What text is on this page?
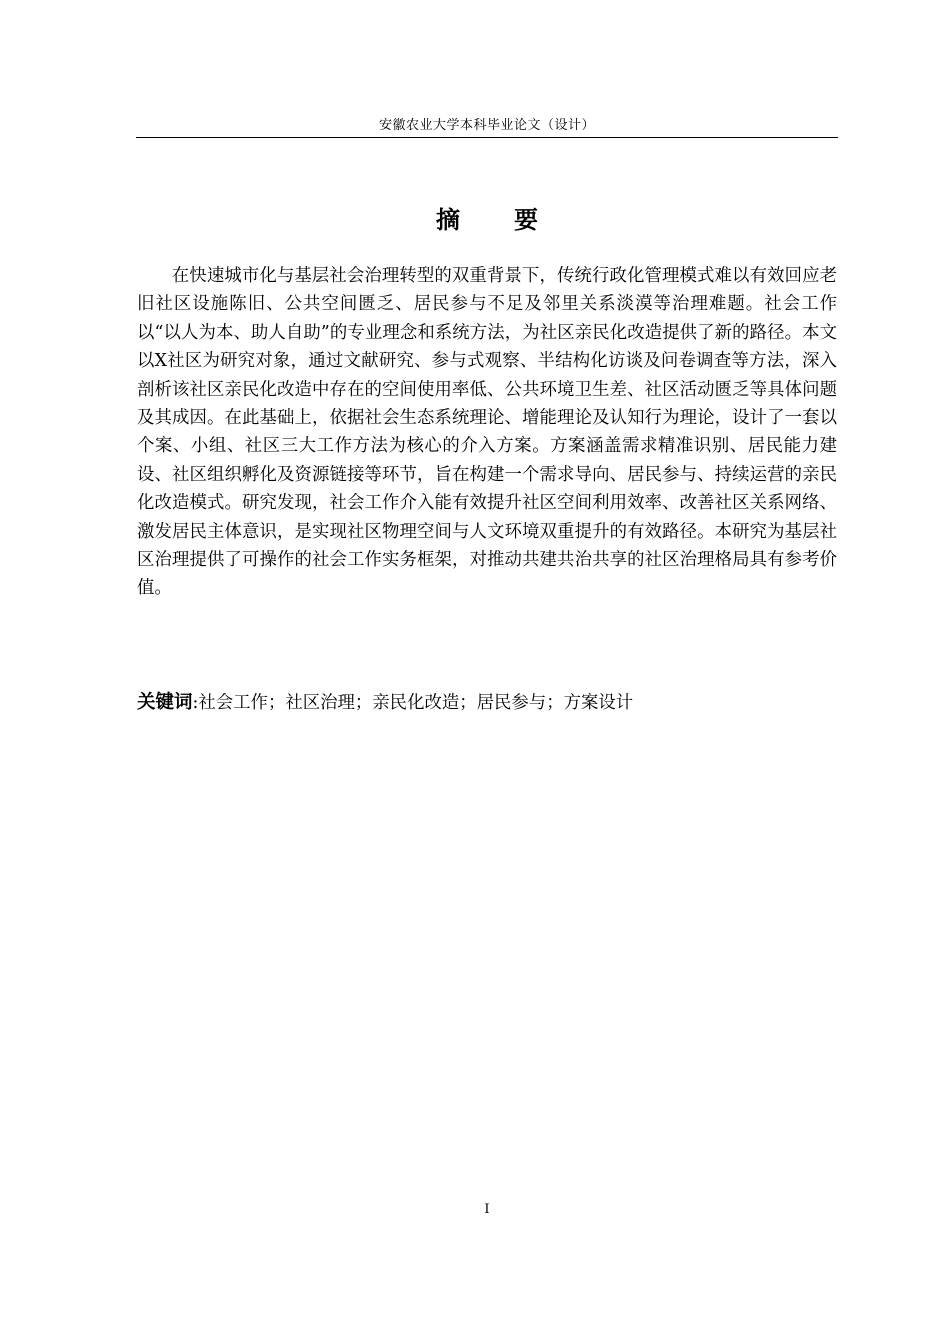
安徽农业大学本科毕业论文（设计）
摘 要

在快速城市化与基层社会治理转型的双重背景下，传统行政化管理模式难以有效回应老旧社区设施陈旧、公共空间匮乏、居民参与不足及邻里关系淡漠等治理难题。社会工作以“以人为本、助人自助”的专业理念和系统方法，为社区亲民化改造提供了新的路径。本文以X社区为研究对象，通过文献研究、参与式观察、半结构化访谈及问卷调查等方法，深入剖析该社区亲民化改造中存在的空间使用率低、公共环境卫生差、社区活动匮乏等具体问题及其成因。在此基础上，依据社会生态系统理论、增能理论及认知行为理论，设计了一套以个案、小组、社区三大工作方法为核心的介入方案。方案涵盖需求精准识别、居民能力建设、社区组织孵化及资源链接等环节，旨在构建一个需求导向、居民参与、持续运营的亲民化改造模式。研究发现，社会工作介入能有效提升社区空间利用效率、改善社区关系网络、激发居民主体意识，是实现社区物理空间与人文环境双重提升的有效路径。本研究为基层社区治理提供了可操作的社会工作实务框架，对推动共建共治共享的社区治理格局具有参考价值。

关键词:社会工作；社区治理；亲民化改造；居民参与；方案设计
I
